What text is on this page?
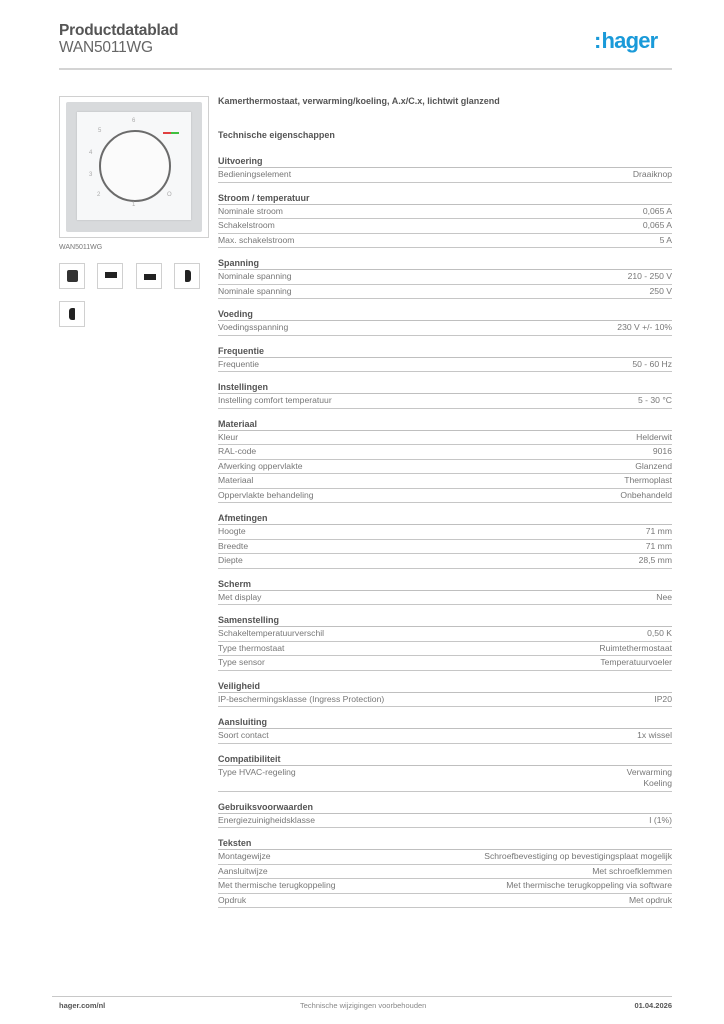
Productdatablad
WAN5011WG	:hager
5
6
4
3
2
1
O
WAN5011WG
Kamerthermostaat, verwarming/koeling, A.x/C.x, lichtwit glanzend
Technische eigenschappen
Uitvoering
Bedieningselement	Draaiknop
Stroom / temperatuur
Nominale stroom	0,065 A
Schakelstroom	0,065 A
Max. schakelstroom	5 A
Spanning
Nominale spanning	210 - 250 V
Nominale spanning	250 V
Voeding
Voedingsspanning	230 V +/- 10%
Frequentie
Frequentie	50 - 60 Hz
Instellingen
Instelling comfort temperatuur	5 - 30 °C
Materiaal
Kleur	Helderwit
RAL-code	9016
Afwerking oppervlakte	Glanzend
Materiaal	Thermoplast
Oppervlakte behandeling	Onbehandeld
Afmetingen
Hoogte	71 mm
Breedte	71 mm
Diepte	28,5 mm
Scherm
Met display	Nee
Samenstelling
Schakeltemperatuurverschil	0,50 K
Type thermostaat	Ruimtethermostaat
Type sensor	Temperatuurvoeler
Veiligheid
IP-beschermingsklasse (Ingress Protection)	IP20
Aansluiting
Soort contact	1x wissel
Compatibiliteit
Type HVAC-regeling	Verwarming
Koeling
Gebruiksvoorwaarden
Energiezuinigheidsklasse	I (1%)
Teksten
Montagewijze	Schroefbevestiging op bevestigingsplaat mogelijk
Aansluitwijze	Met schroefklemmen
Met thermische terugkoppeling	Met thermische terugkoppeling via software
Opdruk	Met opdruk
hager.com/nl	Technische wijzigingen voorbehouden	01.04.2026
